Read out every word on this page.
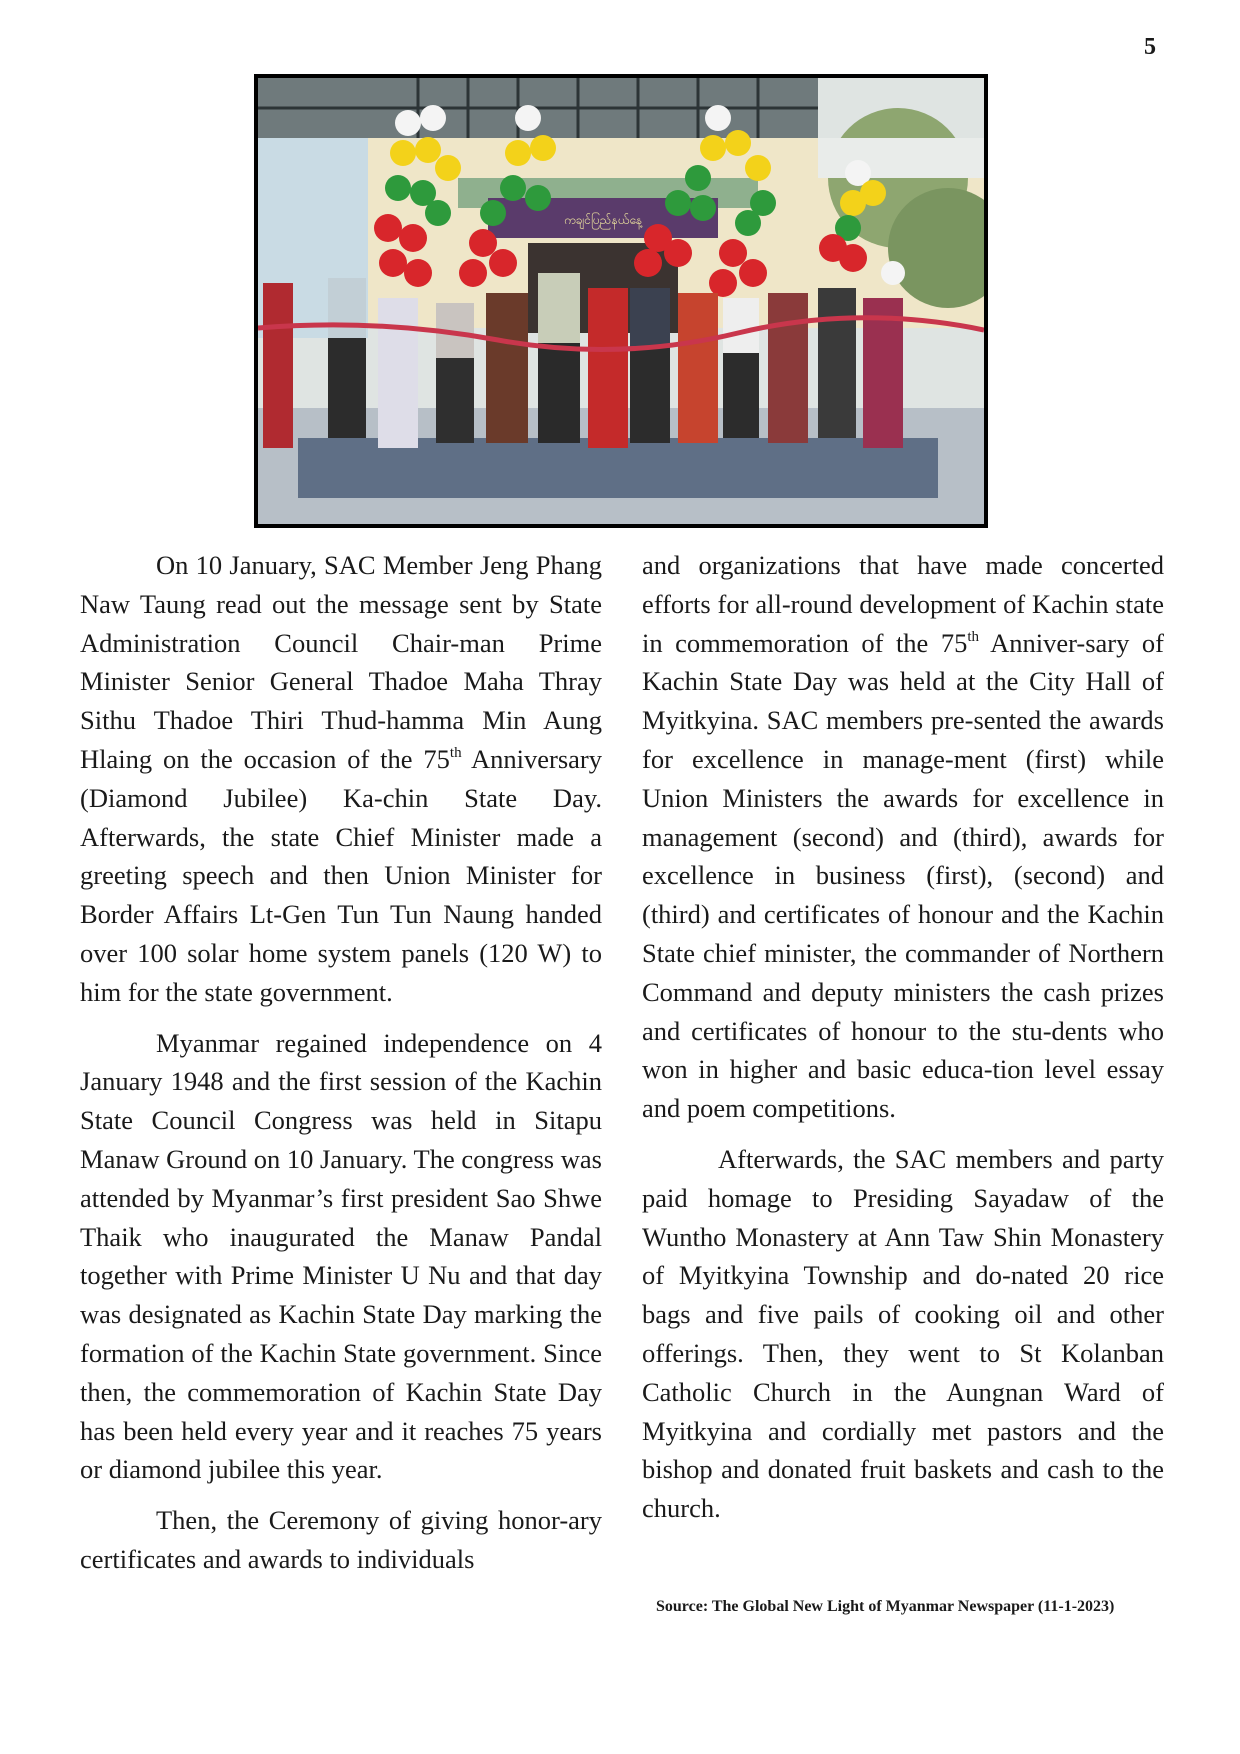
5
ကချင်ပြည်နယ်နေ့

On 10 January, SAC Member Jeng Phang Naw Taung read out the message sent by State Administration Council Chair-man Prime Minister Senior General Thadoe Maha Thray Sithu Thadoe Thiri Thud-hamma Min Aung Hlaing on the occasion of the 75th Anniversary (Diamond Jubilee) Ka-chin State Day. Afterwards, the state Chief Minister made a greeting speech and then Union Minister for Border Affairs Lt-Gen Tun Tun Naung handed over 100 solar home system panels (120 W) to him for the state government.

Myanmar regained independence on 4 January 1948 and the first session of the Kachin State Council Congress was held in Sitapu Manaw Ground on 10 January. The congress was attended by Myanmar’s first president Sao Shwe Thaik who inaugurated the Manaw Pandal together with Prime Minister U Nu and that day was designated as Kachin State Day marking the formation of the Kachin State government. Since then, the commemoration of Kachin State Day has been held every year and it reaches 75 years or diamond jubilee this year.

Then, the Ceremony of giving honor-ary certificates and awards to individuals

and organizations that have made concerted efforts for all-round development of Kachin state in commemoration of the 75th Anniver-sary of Kachin State Day was held at the City Hall of Myitkyina. SAC members pre-sented the awards for excellence in manage-ment (first) while Union Ministers the awards for excellence in management (second) and (third), awards for excellence in business (first), (second) and (third) and certificates of honour and the Kachin State chief minister, the commander of Northern Command and deputy ministers the cash prizes and certificates of honour to the stu-dents who won in higher and basic educa-tion level essay and poem competitions.

Afterwards, the SAC members and party paid homage to Presiding Sayadaw of the Wuntho Monastery at Ann Taw Shin Monastery of Myitkyina Township and do-nated 20 rice bags and five pails of cooking oil and other offerings. Then, they went to St Kolanban Catholic Church in the Aungnan Ward of Myitkyina and cordially met pastors and the bishop and donated fruit baskets and cash to the church.

Source: The Global New Light of Myanmar Newspaper (11-1-2023)
